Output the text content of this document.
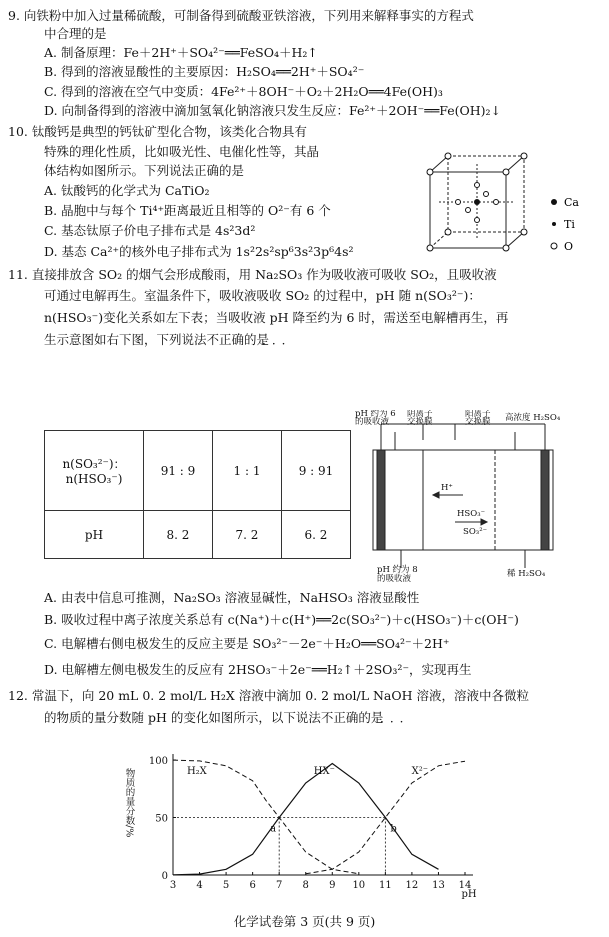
9. 向铁粉中加入过量稀硫酸，可制备得到硫酸亚铁溶液，下列用来解释事实的方程式
中合理的是
A. 制备原理：Fe＋2H⁺＋SO₄²⁻══FeSO₄＋H₂↑
B. 得到的溶液显酸性的主要原因：H₂SO₄══2H⁺＋SO₄²⁻
C. 得到的溶液在空气中变质：4Fe²⁺＋8OH⁻＋O₂＋2H₂O══4Fe(OH)₃
D. 向制备得到的溶液中滴加氢氧化钠溶液只发生反应：Fe²⁺＋2OH⁻══Fe(OH)₂↓
10. 钛酸钙是典型的钙钛矿型化合物，该类化合物具有
特殊的理化性质，比如吸光性、电催化性等，其晶
体结构如图所示。下列说法正确的是
A. 钛酸钙的化学式为 CaTiO₂
B. 晶胞中与每个 Ti⁴⁺距离最近且相等的 O²⁻有 6 个
C. 基态钛原子价电子排布式是 4s²3d²
D. 基态 Ca²⁺的核外电子排布式为 1s²2s²sp⁶3s²3p⁶4s²
Ca
Ti
O
11. 直接排放含 SO₂ 的烟气会形成酸雨，用 Na₂SO₃ 作为吸收液可吸收 SO₂，且吸收液
可通过电解再生。室温条件下，吸收液吸收 SO₂ 的过程中，pH 随 n(SO₃²⁻)：
n(HSO₃⁻)变化关系如左下表；当吸收液 pH 降至约为 6 时，需送至电解槽再生，再
生示意图如右下图，下列说法不正确的是
···
n(SO₃²⁻)：
n(HSO₃⁻)	91 : 9	1 : 1	9 : 91
pH	8. 2	7. 2	6. 2
pH 约为 6
的吸收液
阴离子
交换膜
阳离子
交换膜 高浓度 H₂SO₄
H⁺
HSO₃⁻
SO₃²⁻
pH 约为 8
的吸收液	稀 H₂SO₄
A. 由表中信息可推测，Na₂SO₃ 溶液显碱性，NaHSO₃ 溶液显酸性
B. 吸收过程中离子浓度关系总有 c(Na⁺)＋c(H⁺)══2c(SO₃²⁻)＋c(HSO₃⁻)＋c(OH⁻)
C. 电解槽右侧电极发生的反应主要是 SO₃²⁻－2e⁻＋H₂O══SO₄²⁻＋2H⁺
D. 电解槽左侧电极发生的反应有 2HSO₃⁻＋2e⁻══H₂↑＋2SO₃²⁻，实现再生
12. 常温下，向 20 mL 0. 2 mol/L H₂X 溶液中滴加 0. 2 mol/L NaOH 溶液，溶液中各微粒
的物质的量分数随 pH 的变化如图所示，以下说法不正确的是
···
3 4 5 6 7 8 9 10 11 12 13 14
0
50
100
pH
物质的量分数/%	H₂X	HX⁻	X²⁻
a	b
化学试卷第 3 页(共 9 页)
